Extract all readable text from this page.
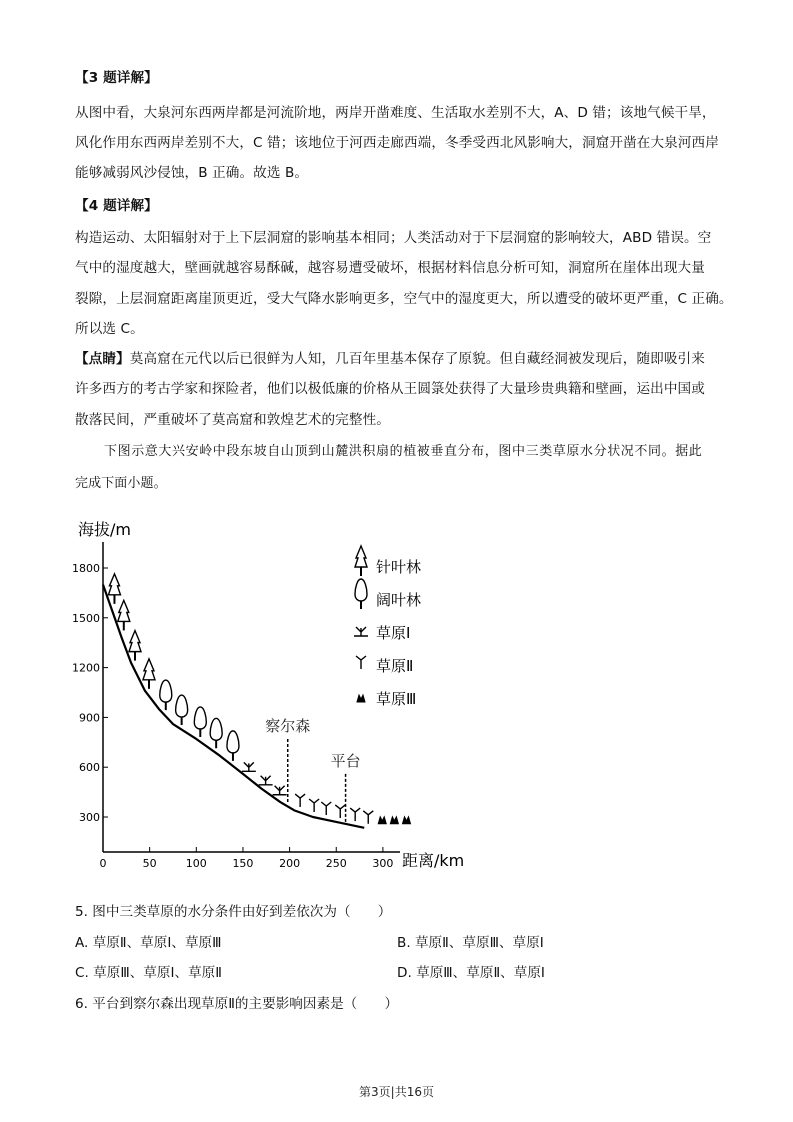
【3 题详解】
从图中看，大泉河东西两岸都是河流阶地，两岸开凿难度、生活取水差别不大，A、D 错；该地气候干旱，
风化作用东西两岸差别不大，C 错；该地位于河西走廊西端，冬季受西北风影响大，洞窟开凿在大泉河西岸
能够减弱风沙侵蚀，B 正确。故选 B。
【4 题详解】
构造运动、太阳辐射对于上下层洞窟的影响基本相同；人类活动对于下层洞窟的影响较大，ABD 错误。空
气中的湿度越大，壁画就越容易酥碱，越容易遭受破坏，根据材料信息分析可知，洞窟所在崖体出现大量
裂隙，上层洞窟距离崖顶更近，受大气降水影响更多，空气中的湿度更大，所以遭受的破坏更严重，C 正确。
所以选 C。
【点睛】莫高窟在元代以后已很鲜为人知，几百年里基本保存了原貌。但自藏经洞被发现后，随即吸引来
许多西方的考古学家和探险者，他们以极低廉的价格从王圆箓处获得了大量珍贵典籍和壁画，运出中国或
散落民间，严重破坏了莫高窟和敦煌艺术的完整性。
下图示意大兴安岭中段东坡自山顶到山麓洪积扇的植被垂直分布，图中三类草原水分状况不同。据此
完成下面小题。
海拔/m
距离/km
1800
1500
1200
900
600
300
0	50	100 150 200 250 300
察尔森
平台
针叶林
阔叶林
草原Ⅰ
草原Ⅱ
草原Ⅲ
5. 图中三类草原的水分条件由好到差依次为（　　）
A. 草原Ⅱ、草原Ⅰ、草原Ⅲ	B. 草原Ⅱ、草原Ⅲ、草原Ⅰ
C. 草原Ⅲ、草原Ⅰ、草原Ⅱ	D. 草原Ⅲ、草原Ⅱ、草原Ⅰ
6. 平台到察尔森出现草原Ⅱ的主要影响因素是（　　）
第3页|共16页
